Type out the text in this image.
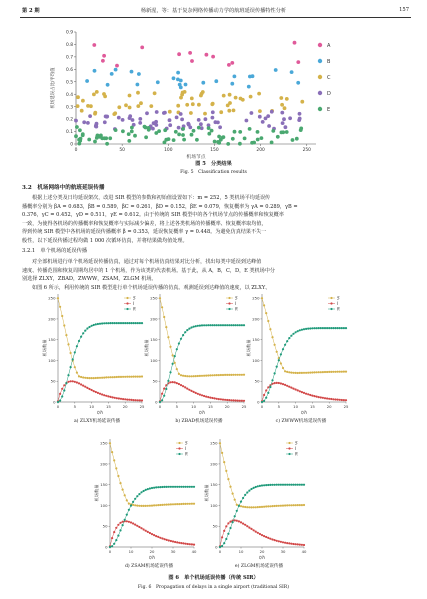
第 2 期	杨新湦，等：基于复杂网络传播动力学的航班延误传播特性分析	157
0
0.1
0.2
0.3
0.4
0.5
0.6
0.7
0.8
0.9
0	50	100	150	200	250
机场节点
机场延误占比/平均值
A
B
C
D
E
图 5　分类结果
Fig. 5　Classification results
3.2　机场网络中的航班延误传播
根据上述分类及日均延误架次，改进 SIR 模型的参数和初始值设置如下：m = 252，5 类机场平均延误传
播概率分别为 βA = 0.683，βB = 0.589，βC = 0.261，βD = 0.152，βE = 0.079，恢复概率为 γA = 0.289，γB =
0.376，γC = 0.452，γD = 0.511，γE = 0.612。由于传统的 SIR 模型中的各个机场节点的传播概率和恢复概率
一致，为使得各机场的传播概率和恢复概率与实际减少偏差，将上述各类机场的传播概率、恢复概率取均值，
得到传统 SIR 模型中各机场的延误传播概率 β = 0.353，延误恢复概率 γ = 0.448。为避免仿真结果不失一
般性，以下延误传播过程均做 1 000 次循环仿真，并将结果做均值处理。
3.2.1　单个机场的延误传播
对全部机场进行单个机场延误传播仿真，通过对每个机场仿真结果对比分析，找出每类中延误到达峰值
速度、传播范围和恢复周期均居中的 1 个机场，作为该类的代表机场。基于此，从 A，B，C，D，E 类机场中分
别选择 ZLXY，ZBAD，ZWWW，ZSAM，ZLGM 机场。
如图 6 所示，利用传统的 SIR 模型进行单个机场延误传播的仿真。观测延误到达峰值的速度，以 ZLXY、
0
50
100
150
200
250
0	5	10	15	20	25
t/h
机场数量
S
I
R
a) ZLXY机场延误传播
0
50
100
150
200
250
0	5	10	15	20	25
t/h
机场数量
S
I
R
b) ZBAD机场延误传播
0
50
100
150
200
250
0	5	10	15	20	25
t/h
机场数量
S
I
R
c) ZWWW机场延误传播
0
50
100
150
200
250
0	10	20	30	40
t/h
机场数量
S
I
R
d) ZSAM机场延误传播
0
50
100
150
200
250
0	10	20	30	40
t/h
机场数量
S
I
R
e) ZLGM机场延误传播
图 6　单个机场延误传播（传统 SIR）
Fig. 6　Propagation of delays in a single airport (traditional SIR)
